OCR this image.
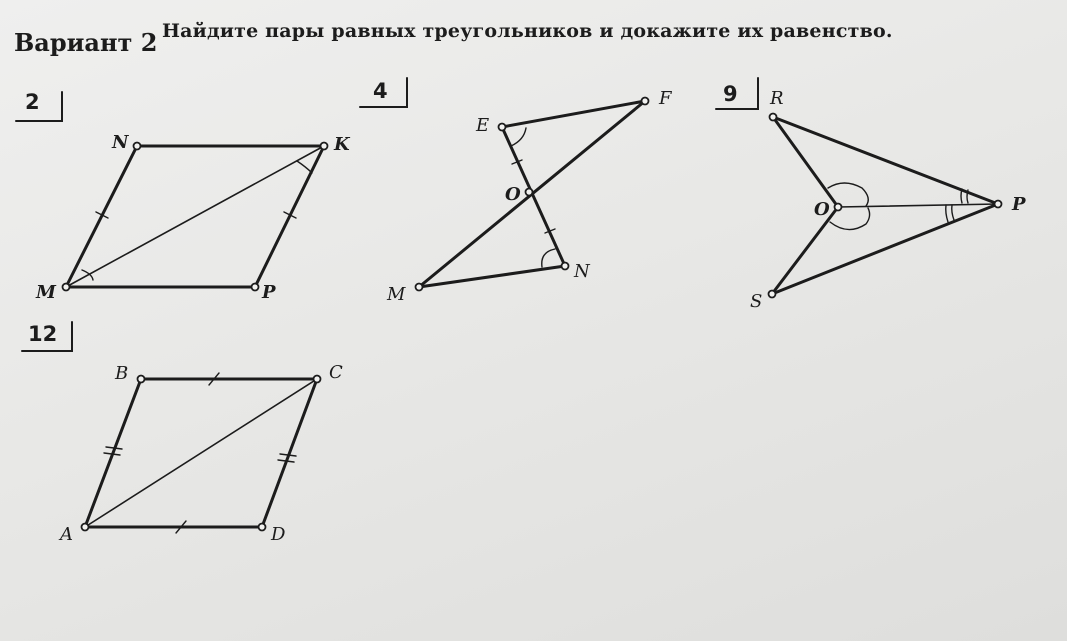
Вариант 2 Найдите пары равных треугольников и докажите их равенство.
2	4	9
12
N	K
M	P
E
F
O
M
N
R
O	P
S
B	C
A	D
